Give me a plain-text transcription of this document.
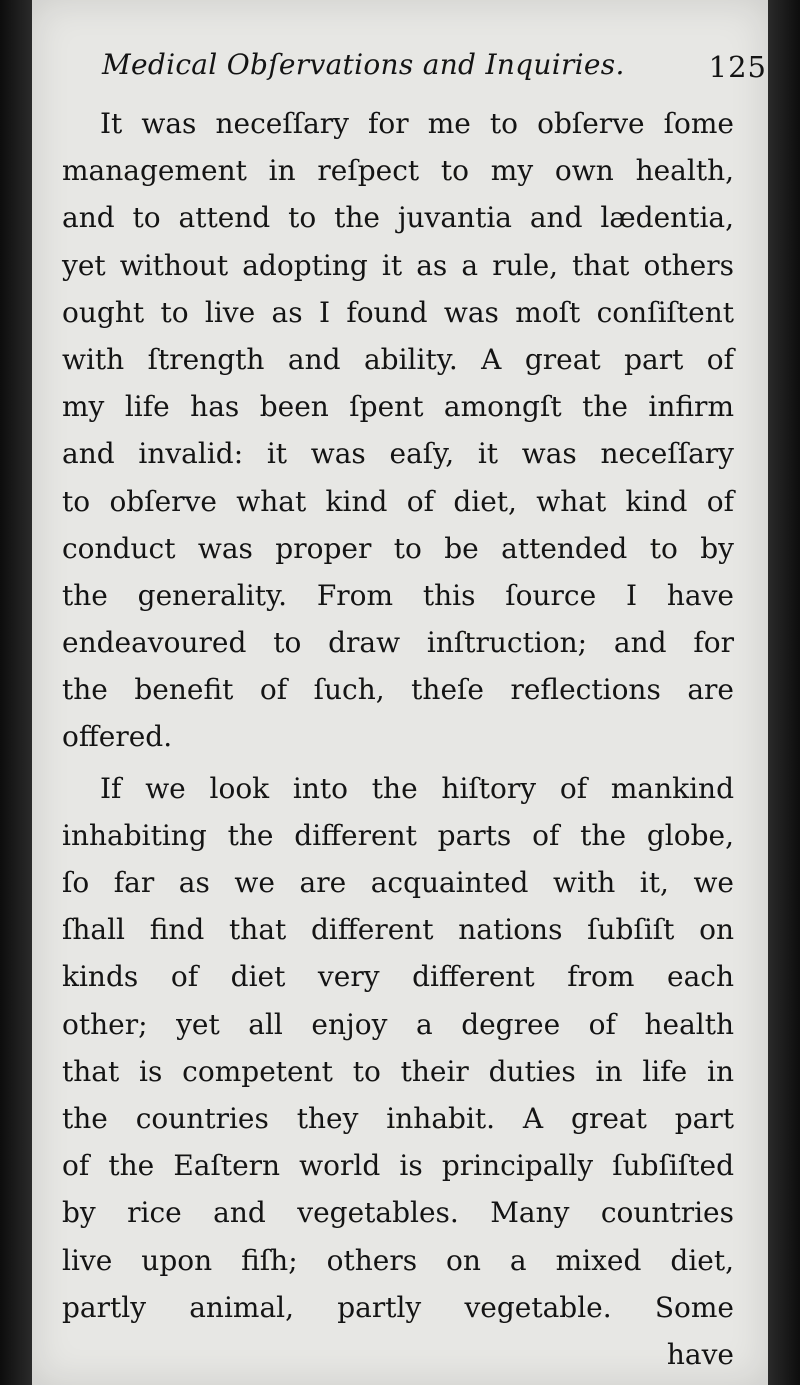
Medical Obſervations and Inquiries.	125
It was neceſſary for me to obſerve ſome
management in reſpect to my own health,
and to attend to the juvantia and lædentia,
yet without adopting it as a rule, that others
ought to live as I found was moſt conſiſtent
with ſtrength and ability. A great part of
my life has been ſpent amongſt the infirm
and invalid: it was eaſy, it was neceſſary
to obſerve what kind of diet, what kind of
conduct was proper to be attended to by
the generality. From this ſource I have
endeavoured to draw inſtruction; and for
the benefit of ſuch, theſe reflections are
offered.
If we look into the hiſtory of mankind
inhabiting the different parts of the globe,
ſo far as we are acquainted with it, we
ſhall find that different nations ſubſiſt on
kinds of diet very different from each
other; yet all enjoy a degree of health
that is competent to their duties in life in
the countries they inhabit. A great part
of the Eaſtern world is principally ſubſiſted
by rice and vegetables. Many countries
live upon fiſh; others on a mixed diet,
partly animal, partly vegetable. Some
have
